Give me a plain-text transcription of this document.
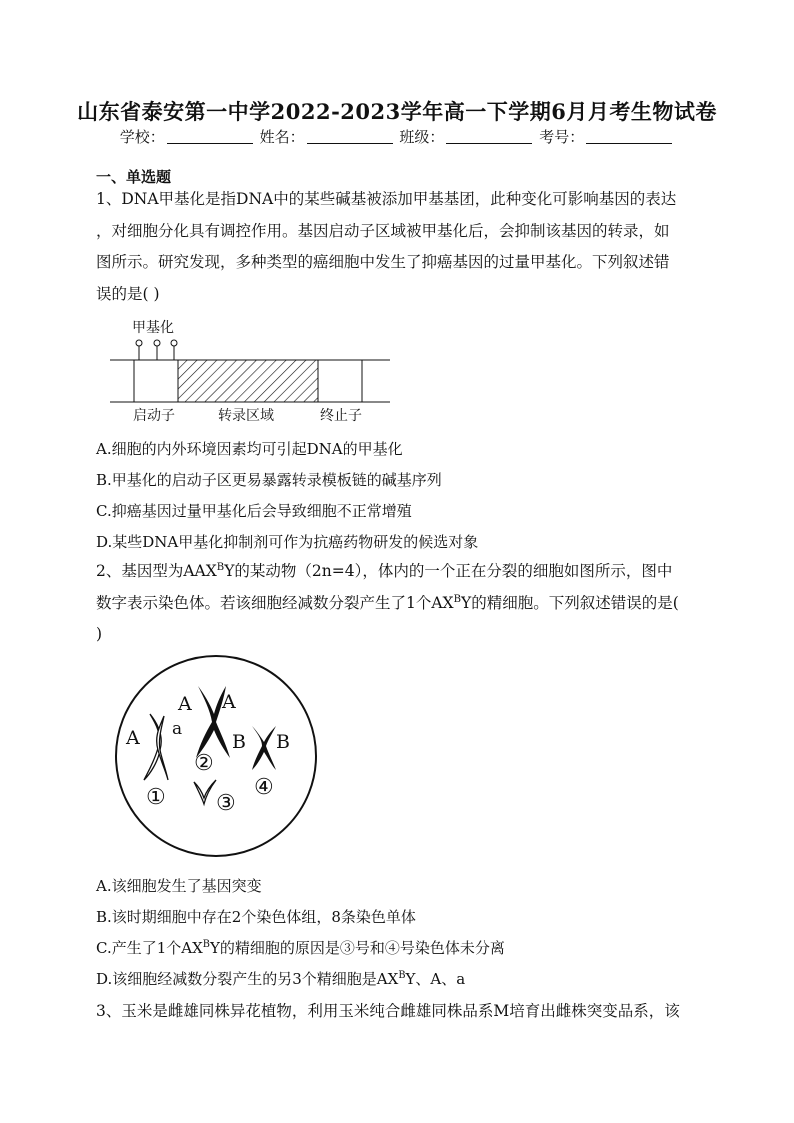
山东省泰安第一中学2022-2023学年高一下学期6月月考生物试卷
学校：	姓名：	班级：	考号：
一、单选题
1、DNA甲基化是指DNA中的某些碱基被添加甲基基团，此种变化可影响基因的表达
，对细胞分化具有调控作用。基因启动子区域被甲基化后，会抑制该基因的转录，如
图所示。研究发现，多种类型的癌细胞中发生了抑癌基因的过量甲基化。下列叙述错
误的是( )
甲基化
启动子	转录区域	终止子
A.细胞的内外环境因素均可引起DNA的甲基化
B.甲基化的启动子区更易暴露转录模板链的碱基序列
C.抑癌基因过量甲基化后会导致细胞不正常增殖
D.某些DNA甲基化抑制剂可作为抗癌药物研发的候选对象
2、基因型为$AAX^BY$的某动物（2n=4），体内的一个正在分裂的细胞如图所示，图中
数字表示染色体。若该细胞经减数分裂产生了1个$AX^BY$的精细胞。下列叙述错误的是(
)
A a
A A
B B
①
②
③
④
A.该细胞发生了基因突变
B.该时期细胞中存在2个染色体组，8条染色单体
C.产生了1个$AX^BY$的精细胞的原因是③号和④号染色体未分离
D.该细胞经减数分裂产生的另3个精细胞是$AX^BY$、A、a
3、玉米是雌雄同株异花植物，利用玉米纯合雌雄同株品系M培育出雌株突变品系，该
